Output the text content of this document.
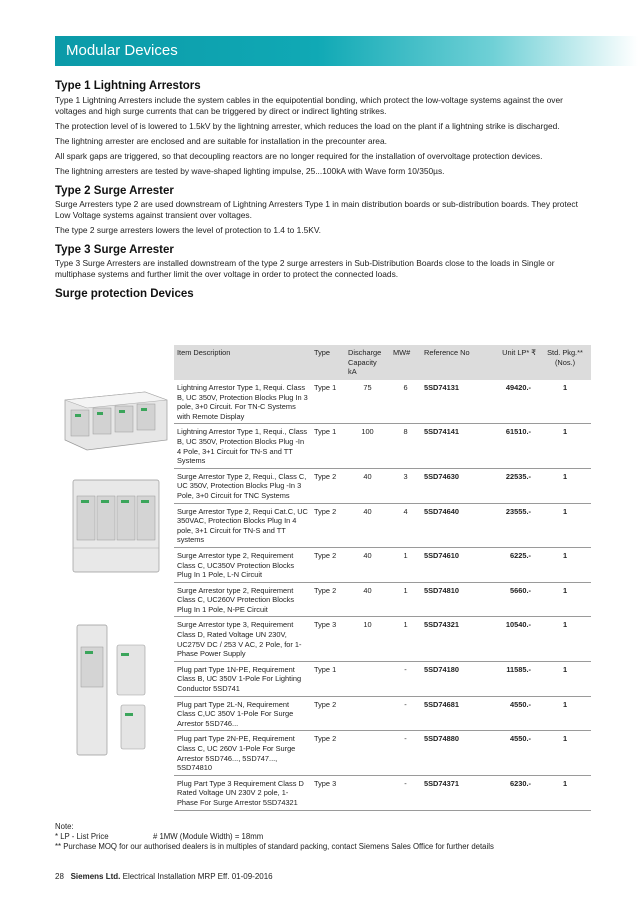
Modular Devices
Type 1 Lightning Arrestors

Type 1 Lightning Arresters include the system cables in the equipotential bonding, which protect the low-voltage systems against the over voltages and high surge currents that can be triggered by direct or indirect lighting strikes.

The protection level of is lowered to 1.5kV by the lightning arrester, which reduces the load on the plant if a lightning strike is discharged.

The lightning arrester are enclosed and are suitable for installation in the precounter area.

All spark gaps are triggered, so that decoupling reactors are no longer required for the installation of overvoltage protection devices.

The lightning arresters are tested by wave-shaped lighting impulse, 25...100kA with Wave form 10/350µs.

Type 2 Surge Arrester

Surge Arresters type 2 are used downstream of Lightning Arresters Type 1 in main distribution boards or sub-distribution boards. They protect Low Voltage systems against transient over voltages.

The type 2 surge arresters lowers the level of protection to 1.4 to 1.5KV.

Type 3 Surge Arrester

Type 3 Surge Arresters are installed downstream of the type 2 surge arresters in Sub-Distribution Boards close to the loads in Single or multiphase systems and further limit the over voltage in order to protect the connected loads.

Surge protection Devices
	Item Description	Type	Discharge Capacity kA	MW#	Reference No	Unit LP* ₹	Std. Pkg.** (Nos.)
	Lightning Arrestor Type 1, Requi. Class B, UC 350V, Protection Blocks Plug In 3 pole, 3+0 Circuit. For TN-C Systems with Remote Display	Type 1	75	6	5SD74131	49420.-	1
	Lightning Arrestor Type 1, Requi., Class B, UC 350V, Protection Blocks Plug -In 4 Pole, 3+1 Circuit for TN-S and TT Systems	Type 1	100	8	5SD74141	61510.-	1
	Surge Arrestor Type 2, Requi., Class C, UC 350V, Protection Blocks Plug -In 3 Pole, 3+0 Circuit for TNC Systems	Type 2	40	3	5SD74630	22535.-	1
	Surge Arrestor Type 2, Requi Cat.C, UC 350VAC, Protection Blocks Plug In 4 pole, 3+1 Circuit for TN-S and TT systems	Type 2	40	4	5SD74640	23555.-	1
	Surge Arrestor type 2, Requirement Class C, UC350V Protection Blocks Plug In 1 Pole, L-N Circuit	Type 2	40	1	5SD74610	6225.-	1
	Surge Arrestor type 2, Requirement Class C, UC260V Protection Blocks Plug In 1 Pole, N-PE Circuit	Type 2	40	1	5SD74810	5660.-	1
	Surge Arrestor type 3, Requirement Class D, Rated Voltage UN 230V, UC275V DC / 253 V AC, 2 Pole, for 1-Phase Power Supply	Type 3	10	1	5SD74321	10540.-	1
	Plug part Type 1N-PE, Requirement Class B, UC 350V 1-Pole For Lighting Conductor 5SD741	Type 1		-	5SD74180	11585.-	1
	Plug part Type 2L-N, Requirement Class C,UC 350V 1-Pole For Surge Arrestor 5SD746...	Type 2		-	5SD74681	4550.-	1
	Plug part Type 2N-PE, Requirement Class C, UC 260V 1-Pole For Surge Arrestor 5SD746..., 5SD747..., 5SD74810	Type 2		-	5SD74880	4550.-	1
	Plug Part Type 3 Requirement Class D Rated Voltage UN 230V 2 pole, 1-Phase For Surge Arrestor 5SD74321	Type 3		-	5SD74371	6230.-	1
Note:
* LP - List Price	# 1MW (Module Width) = 18mm
** Purchase MOQ for our authorised dealers is in multiples of standard packing, contact Siemens Sales Office for further details
28 Siemens Ltd. Electrical Installation MRP Eff. 01-09-2016
